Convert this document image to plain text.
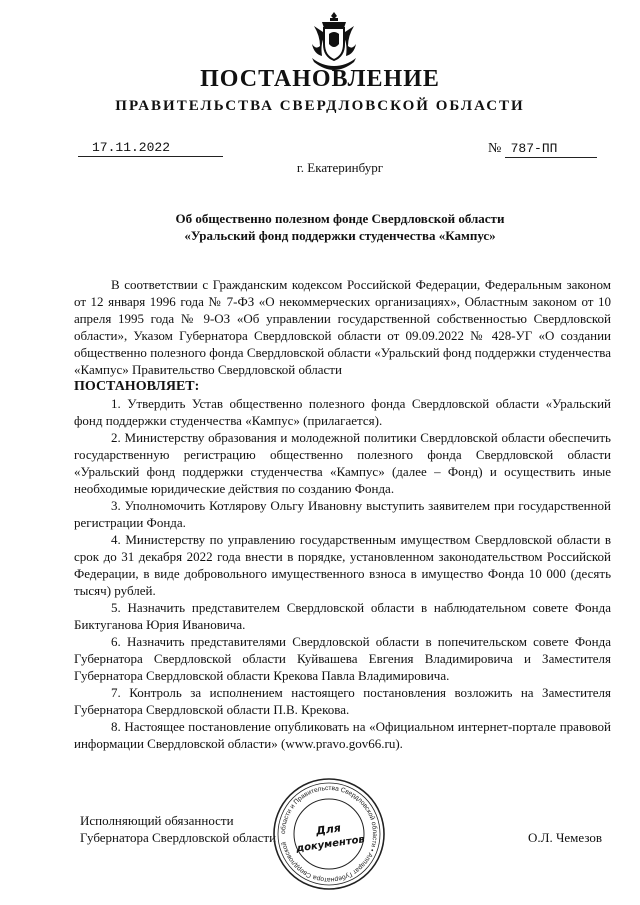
ПОСТАНОВЛЕНИЕ
ПРАВИТЕЛЬСТВА СВЕРДЛОВСКОЙ ОБЛАСТИ
17.11.2022	№ 787-ПП
г. Екатеринбург
Об общественно полезном фонде Свердловской области
«Уральский фонд поддержки студенчества «Кампус»

В соответствии с Гражданским кодексом Российской Федерации, Федеральным законом от 12 января 1996 года № 7-ФЗ «О некоммерческих организациях», Областным законом от 10 апреля 1995 года № 9-ОЗ «Об управлении государственной собственностью Свердловской области», Указом Губернатора Свердловской области от 09.09.2022 № 428-УГ «О создании общественно полезного фонда Свердловской области «Уральский фонд поддержки студенчества «Кампус» Правительство Свердловской области

ПОСТАНОВЛЯЕТ:

1. Утвердить Устав общественно полезного фонда Свердловской области «Уральский фонд поддержки студенчества «Кампус» (прилагается).

2. Министерству образования и молодежной политики Свердловской области обеспечить государственную регистрацию общественно полезного фонда Свердловской области «Уральский фонд поддержки студенчества «Кампус» (далее – Фонд) и осуществить иные необходимые юридические действия по созданию Фонда.

3. Уполномочить Котлярову Ольгу Ивановну выступить заявителем при государственной регистрации Фонда.

4. Министерству по управлению государственным имуществом Свердловской области в срок до 31 декабря 2022 года внести в порядке, установленном законодательством Российской Федерации, в виде добровольного имущественного взноса в имущество Фонда 10 000 (десять тысяч) рублей.

5. Назначить представителем Свердловской области в наблюдательном совете Фонда Биктуганова Юрия Ивановича.

6. Назначить представителями Свердловской области в попечительском совете Фонда Губернатора Свердловской области Куйвашева Евгения Владимировича и Заместителя Губернатора Свердловской области Крекова Павла Владимировича.

7. Контроль за исполнением настоящего постановления возложить на Заместителя Губернатора Свердловской области П.В. Крекова.

8. Настоящее постановление опубликовать на «Официальном интернет-портале правовой информации Свердловской области» (www.pravo.gov66.ru).

Исполняющий обязанности
Губернатора Свердловской области	О.Л. Чемезов
области и Правительства Свердловской области • Аппарат Губернатора Свердловской
Для
документов
